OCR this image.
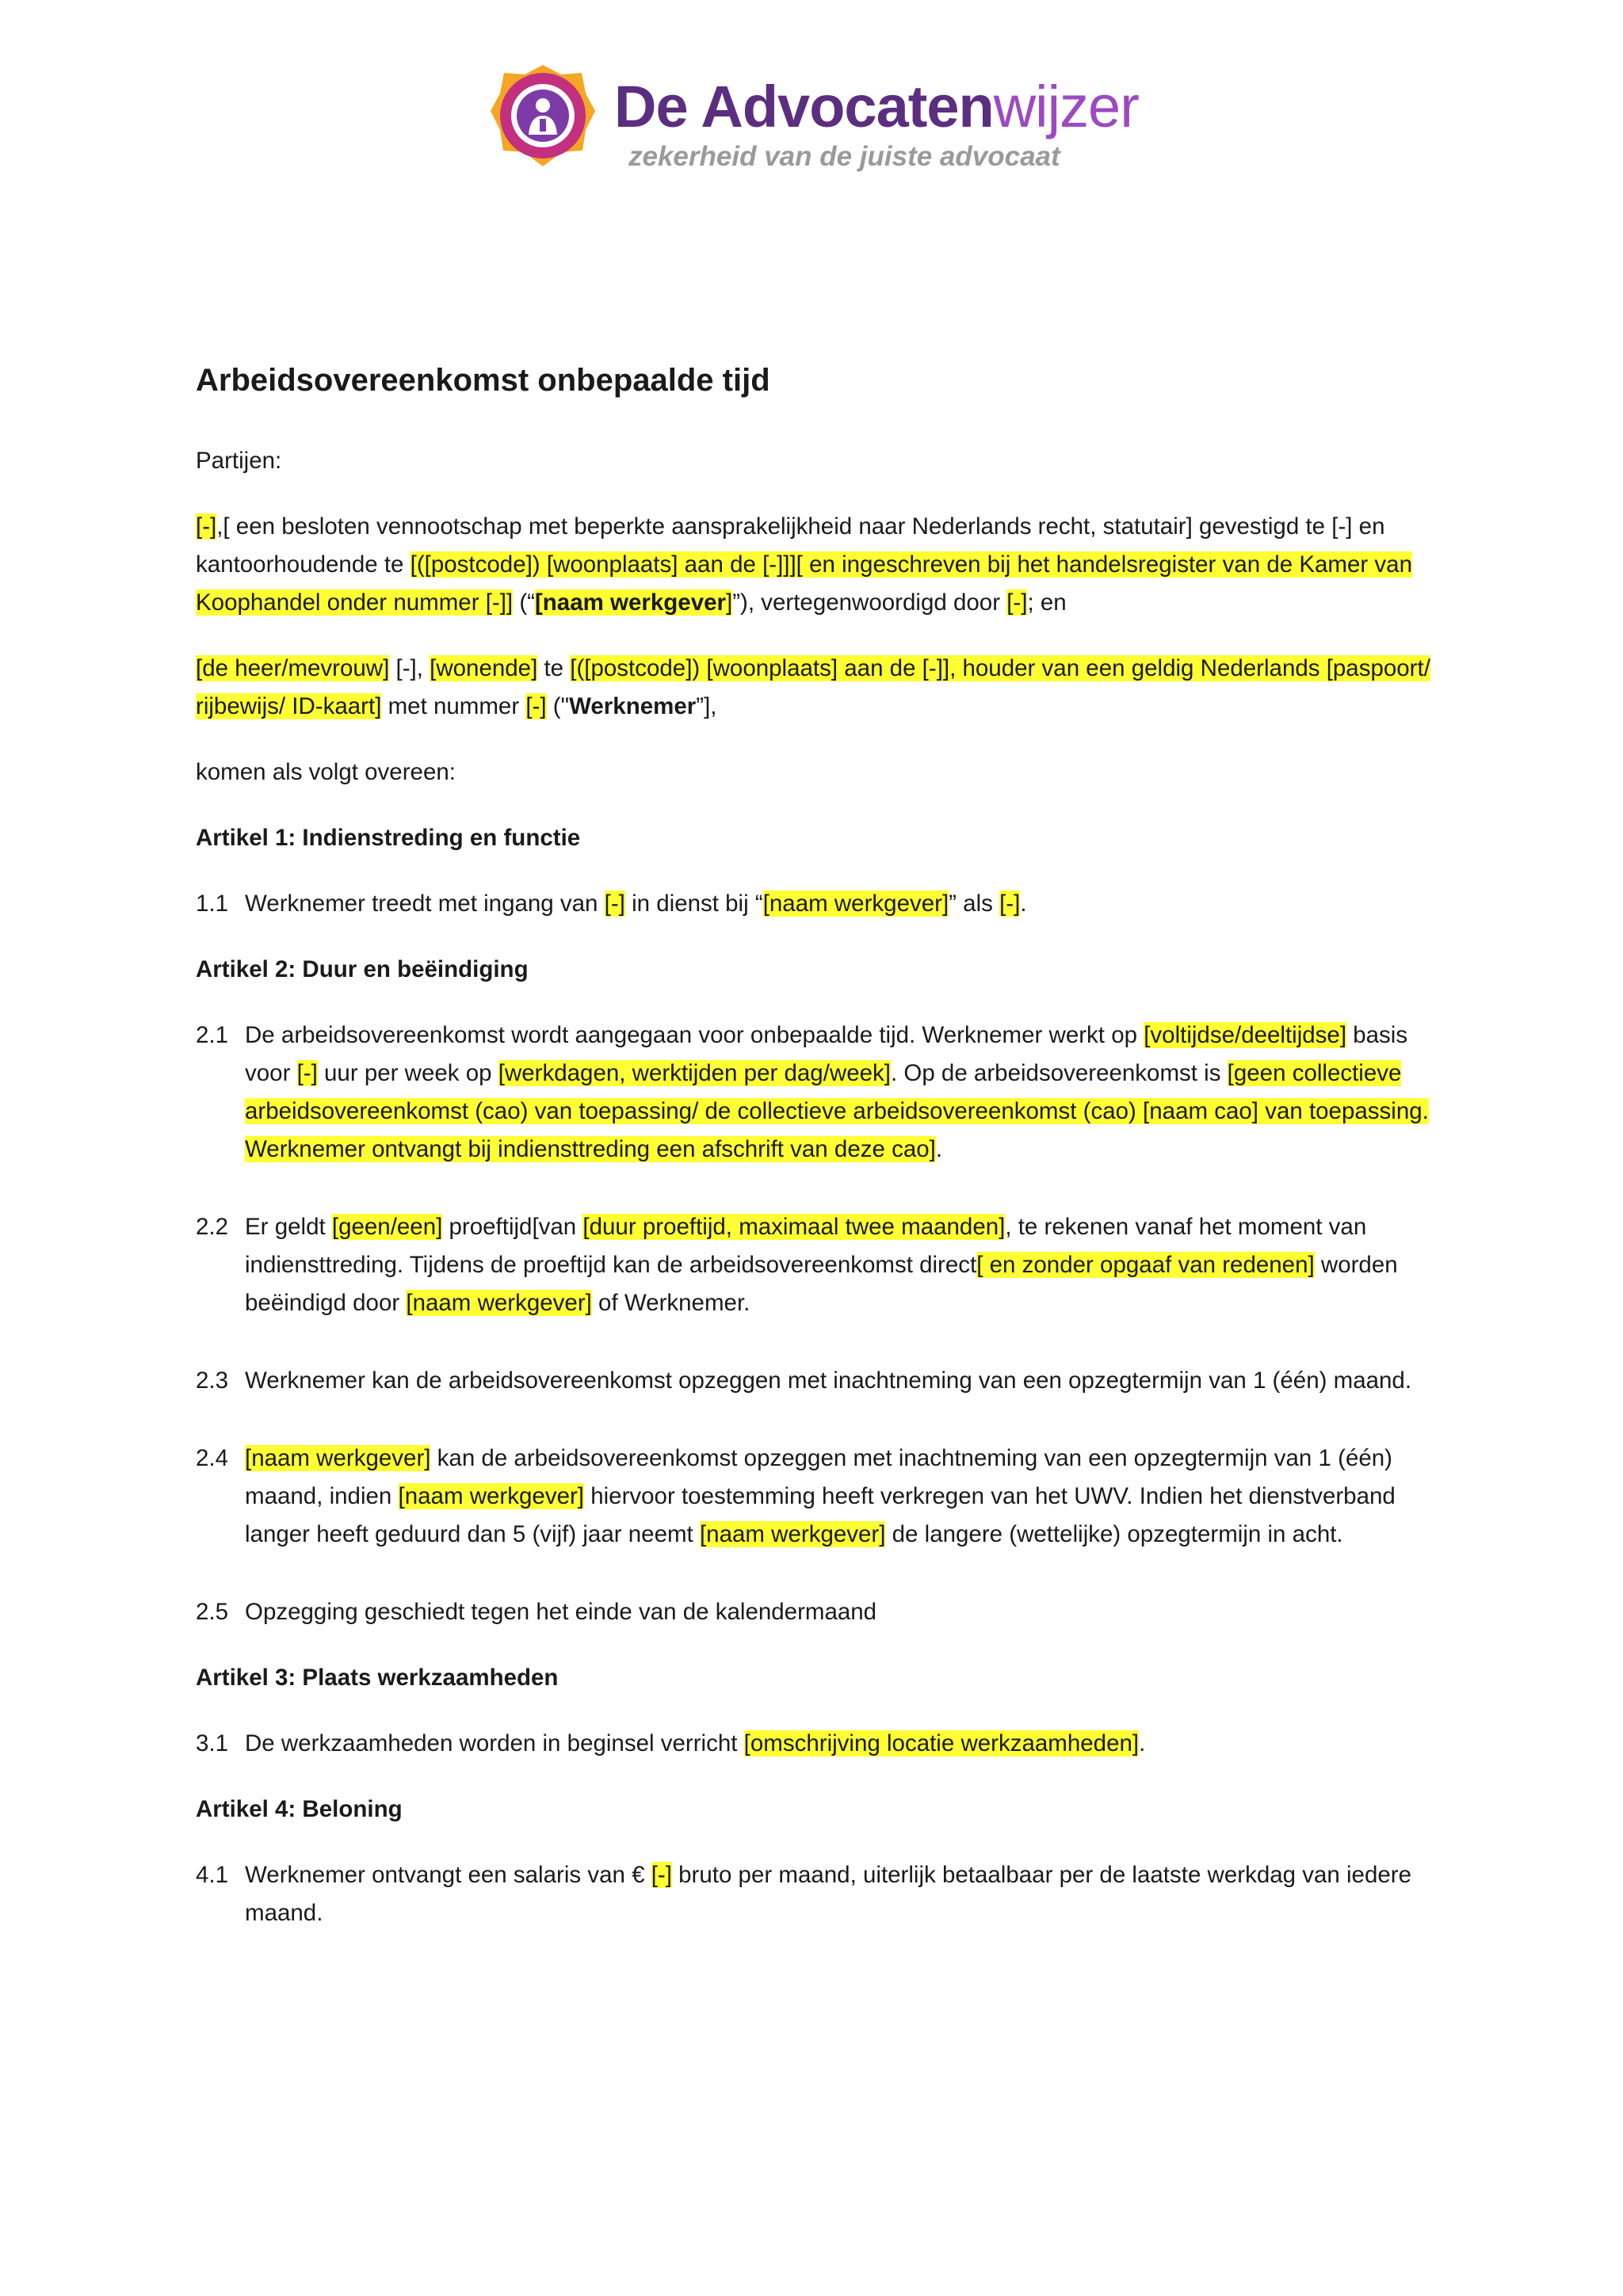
De Advocatenwijzer
zekerheid van de juiste advocaat
Arbeidsovereenkomst onbepaalde tijd
Partijen:
[-],[ een besloten vennootschap met beperkte aansprakelijkheid naar Nederlands recht, statutair] gevestigd te [-] en kantoorhoudende te [([postcode]) [woonplaats] aan de [-]]][ en ingeschreven bij het handelsregister van de Kamer van Koophandel onder nummer [-]] (“[naam werkgever]”), vertegenwoordigd door [-]; en
[de heer/mevrouw] [-], [wonende] te [([postcode]) [woonplaats] aan de [-]], houder van een geldig Nederlands [paspoort/ rijbewijs/ ID-kaart] met nummer [-] ("Werknemer”],
komen als volgt overeen:
Artikel 1: Indienstreding en functie
1.1 Werknemer treedt met ingang van [-] in dienst bij “[naam werkgever]” als [-].
Artikel 2: Duur en beëindiging
2.1 De arbeidsovereenkomst wordt aangegaan voor onbepaalde tijd. Werknemer werkt op [voltijdse/deeltijdse] basis voor [-] uur per week op [werkdagen, werktijden per dag/week]. Op de arbeidsovereenkomst is [geen collectieve arbeidsovereenkomst (cao) van toepassing/ de collectieve arbeidsovereenkomst (cao) [naam cao] van toepassing. Werknemer ontvangt bij indiensttreding een afschrift van deze cao].
2.2 Er geldt [geen/een] proeftijd[van [duur proeftijd, maximaal twee maanden], te rekenen vanaf het moment van indiensttreding. Tijdens de proeftijd kan de arbeidsovereenkomst direct[ en zonder opgaaf van redenen] worden beëindigd door [naam werkgever] of Werknemer.
2.3 Werknemer kan de arbeidsovereenkomst opzeggen met inachtneming van een opzegtermijn van 1 (één) maand.
2.4 [naam werkgever] kan de arbeidsovereenkomst opzeggen met inachtneming van een opzegtermijn van 1 (één) maand, indien [naam werkgever] hiervoor toestemming heeft verkregen van het UWV. Indien het dienstverband langer heeft geduurd dan 5 (vijf) jaar neemt [naam werkgever] de langere (wettelijke) opzegtermijn in acht.
2.5 Opzegging geschiedt tegen het einde van de kalendermaand
Artikel 3: Plaats werkzaamheden
3.1 De werkzaamheden worden in beginsel verricht [omschrijving locatie werkzaamheden].
Artikel 4: Beloning
4.1 Werknemer ontvangt een salaris van € [-] bruto per maand, uiterlijk betaalbaar per de laatste werkdag van iedere maand.
